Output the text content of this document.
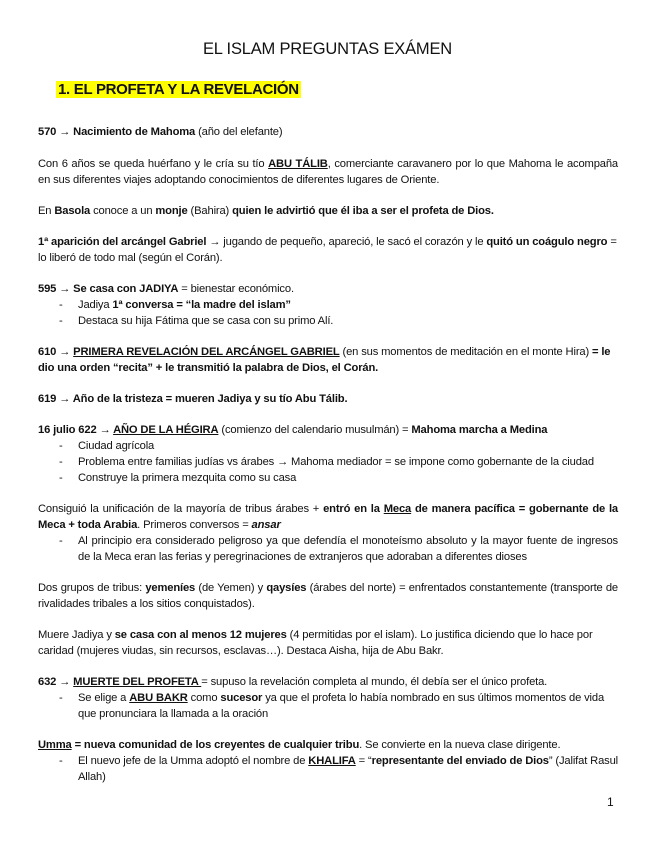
EL ISLAM PREGUNTAS EXÁMEN
1. EL PROFETA Y LA REVELACIÓN
570 → Nacimiento de Mahoma (año del elefante)
Con 6 años se queda huérfano y le cría su tío ABU TÁLIB, comerciante caravanero por lo que Mahoma le acompaña en sus diferentes viajes adoptando conocimientos de diferentes lugares de Oriente.
En Basola conoce a un monje (Bahira) quien le advirtió que él iba a ser el profeta de Dios.
1ª aparición del arcángel Gabriel → jugando de pequeño, apareció, le sacó el corazón y le quitó un coágulo negro = lo liberó de todo mal (según el Corán).
595 → Se casa con JADIYA = bienestar económico.
- Jadiya 1ª conversa = “la madre del islam”
- Destaca su hija Fátima que se casa con su primo Alí.
610 → PRIMERA REVELACIÓN DEL ARCÁNGEL GABRIEL (en sus momentos de meditación en el monte Hira) = le dio una orden “recita” + le transmitió la palabra de Dios, el Corán.
619 → Año de la tristeza = mueren Jadiya y su tío Abu Tálib.
16 julio 622 → AÑO DE LA HÉGIRA (comienzo del calendario musulmán) = Mahoma marcha a Medina
- Ciudad agrícola
- Problema entre familias judías vs árabes → Mahoma mediador = se impone como gobernante de la ciudad
- Construye la primera mezquita como su casa
Consiguió la unificación de la mayoría de tribus árabes + entró en la Meca de manera pacífica = gobernante de la Meca + toda Arabia. Primeros conversos = ansar
- Al principio era considerado peligroso ya que defendía el monoteísmo absoluto y la mayor fuente de ingresos de la Meca eran las ferias y peregrinaciones de extranjeros que adoraban a diferentes dioses
Dos grupos de tribus: yemeníes (de Yemen) y qaysíes (árabes del norte) = enfrentados constantemente (transporte de rivalidades tribales a los sitios conquistados).
Muere Jadiya y se casa con al menos 12 mujeres (4 permitidas por el islam). Lo justifica diciendo que lo hace por caridad (mujeres viudas, sin recursos, esclavas…). Destaca Aisha, hija de Abu Bakr.
632 → MUERTE DEL PROFETA = supuso la revelación completa al mundo, él debía ser el único profeta.
- Se elige a ABU BAKR como sucesor ya que el profeta lo había nombrado en sus últimos momentos de vida que pronunciara la llamada a la oración
Umma = nueva comunidad de los creyentes de cualquier tribu. Se convierte en la nueva clase dirigente.
- El nuevo jefe de la Umma adoptó el nombre de KHALIFA = “representante del enviado de Dios” (Jalifat Rasul Allah)
1
